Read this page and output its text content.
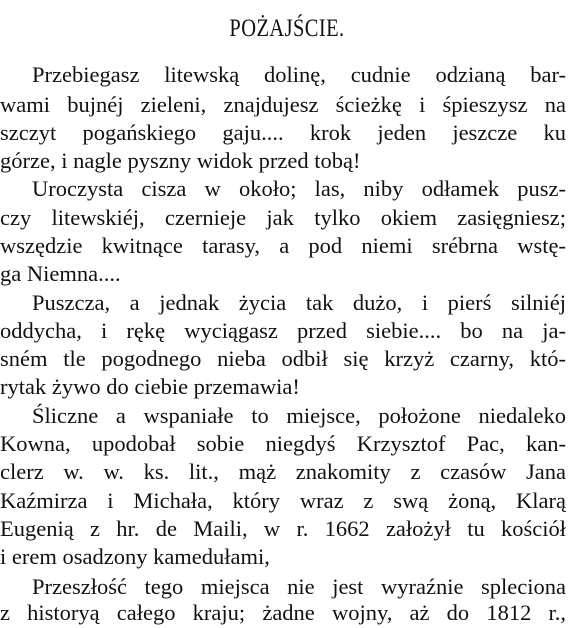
POŻAJŚCIE.
Przebiegasz litewską dolinę, cudnie odzianą bar-
wami bujnéj zieleni, znajdujesz ścieżkę i śpieszysz na
szczyt pogańskiego gaju.... krok jeden jeszcze ku
górze, i nagle pyszny widok przed tobą!
Uroczysta cisza w około; las, niby odłamek pusz-
czy litewskiéj, czernieje jak tylko okiem zasięgniesz;
wszędzie kwitnące tarasy, a pod niemi srébrna wstę-
ga Niemna....
Puszcza, a jednak życia tak dużo, i pierś silniéj
oddycha, i rękę wyciągasz przed siebie.... bo na ja-
sném tle pogodnego nieba odbił się krzyż czarny, któ-
rytak żywo do ciebie przemawia!
Śliczne a wspaniałe to miejsce, położone niedaleko
Kowna, upodobał sobie niegdyś Krzysztof Pac, kan-
clerz w. w. ks. lit., mąż znakomity z czasów Jana
Kaźmirza i Michała, który wraz z swą żoną, Klarą
Eugenią z hr. de Maili, w r. 1662 założył tu kościół
i erem osadzony kamedułami,
Przeszłość tego miejsca nie jest wyraźnie spleciona
z historyą całego kraju; żadne wojny, aż do 1812 r.,
